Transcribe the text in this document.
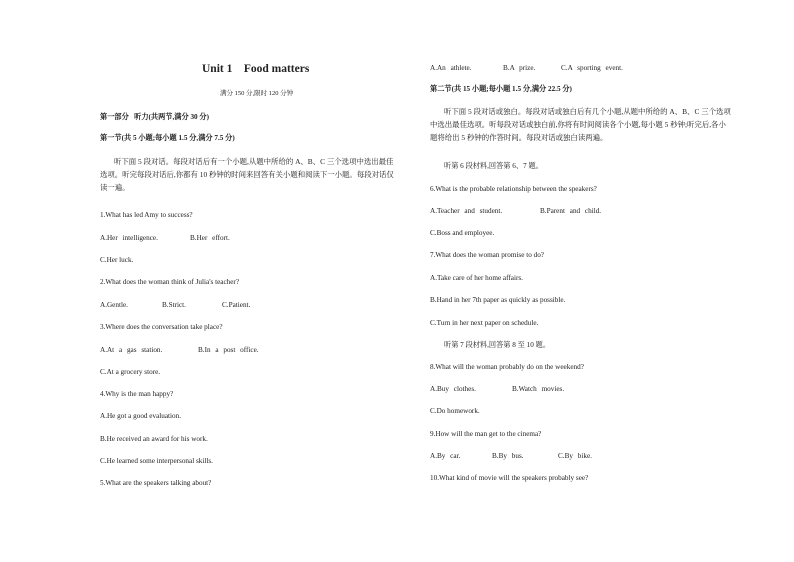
Unit 1    Food matters
满分 150 分,限时 120 分钟
第一部分   听力(共两节,满分 30 分)
第一节(共 5 小题;每小题 1.5 分,满分 7.5 分)
听下面 5 段对话。每段对话后有一个小题,从题中所给的 A、B、C 三个选项中选出最佳选项。听完每段对话后,你都有 10 秒钟的时间来回答有关小题和阅读下一小题。每段对话仅读一遍。
1.What has led Amy to success?
A.Her intelligence.	B.Her effort.
C.Her luck.
2.What does the woman think of Julia's teacher?
A.Gentle.	B.Strict.	C.Patient.
3.Where does the conversation take place?
A.At a gas station.	B.In a post office.
C.At a grocery store.
4.Why is the man happy?
A.He got a good evaluation.
B.He received an award for his work.
C.He learned some interpersonal skills.
5.What are the speakers talking about?
A.An athlete.	B.A prize.	C.A sporting event.
第二节(共 15 小题;每小题 1.5 分,满分 22.5 分)
听下面 5 段对话或独白。每段对话或独白后有几个小题,从题中所给的 A、B、C 三个选项中选出最佳选项。听每段对话或独白前,你将有时间阅读各个小题,每小题 5 秒钟;听完后,各小题将给出 5 秒钟的作答时间。每段对话或独白读两遍。
听第 6 段材料,回答第 6、7 题。
6.What is the probable relationship between the speakers?
A.Teacher and student.	B.Parent and child.
C.Boss and employee.
7.What does the woman promise to do?
A.Take care of her home affairs.
B.Hand in her 7th paper as quickly as possible.
C.Turn in her next paper on schedule.
听第 7 段材料,回答第 8 至 10 题。
8.What will the woman probably do on the weekend?
A.Buy clothes.	B.Watch movies.
C.Do homework.
9.How will the man get to the cinema?
A.By car.	B.By bus.	C.By bike.
10.What kind of movie will the speakers probably see?
